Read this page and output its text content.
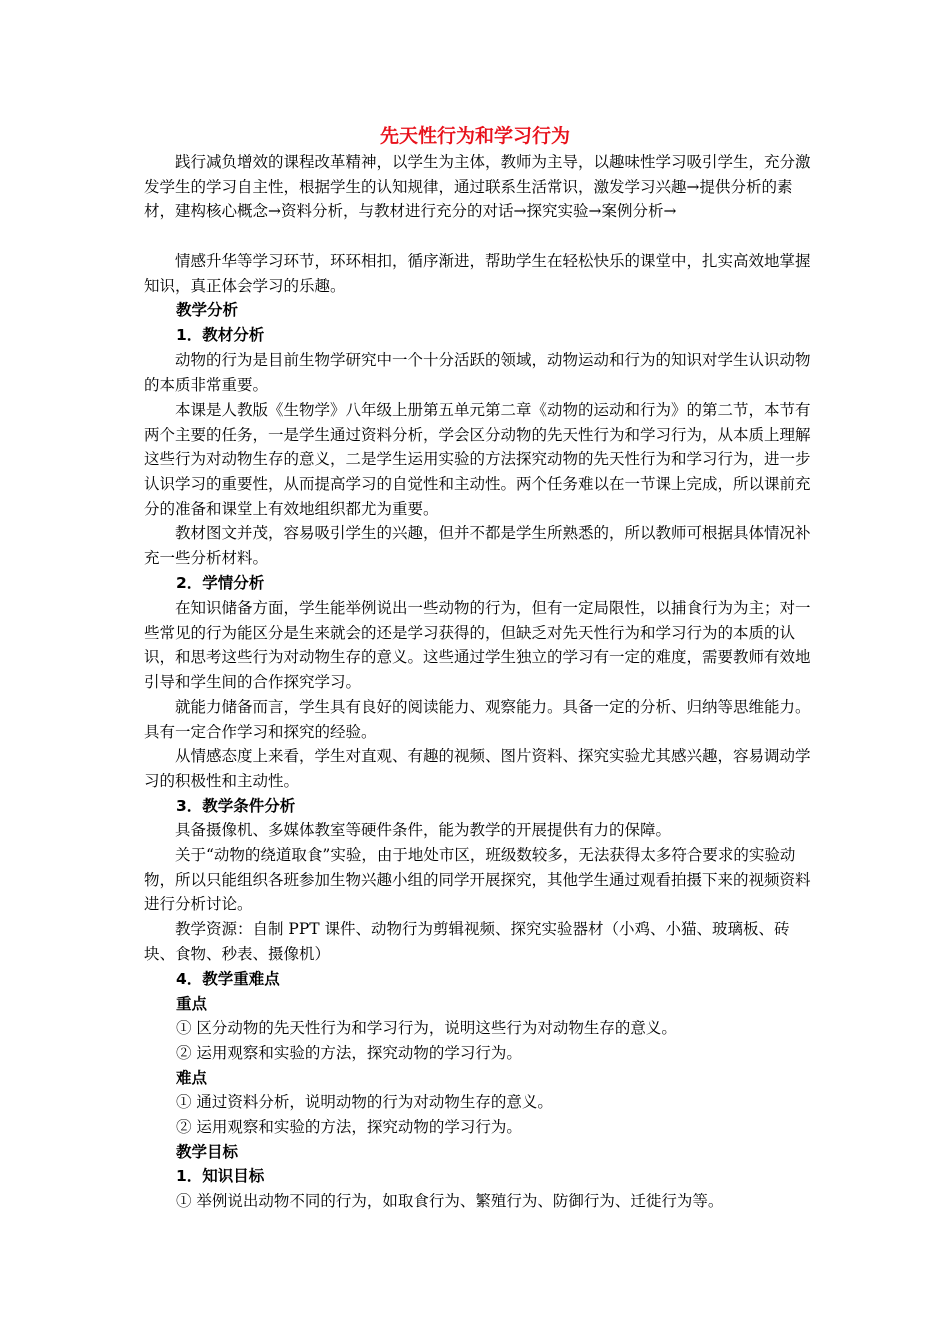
先天性行为和学习行为
践行减负增效的课程改革精神，以学生为主体，教师为主导，以趣味性学习吸引学生，充分激发学生的学习自主性，根据学生的认知规律，通过联系生活常识，激发学习兴趣→提供分析的素材，建构核心概念→资料分析，与教材进行充分的对话→探究实验→案例分析→
情感升华等学习环节，环环相扣，循序渐进，帮助学生在轻松快乐的课堂中，扎实高效地掌握知识，真正体会学习的乐趣。
教学分析
1．教材分析
动物的行为是目前生物学研究中一个十分活跃的领域，动物运动和行为的知识对学生认识动物的本质非常重要。
本课是人教版《生物学》八年级上册第五单元第二章《动物的运动和行为》的第二节，本节有两个主要的任务，一是学生通过资料分析，学会区分动物的先天性行为和学习行为，从本质上理解这些行为对动物生存的意义，二是学生运用实验的方法探究动物的先天性行为和学习行为，进一步认识学习的重要性，从而提高学习的自觉性和主动性。两个任务难以在一节课上完成，所以课前充分的准备和课堂上有效地组织都尤为重要。
教材图文并茂，容易吸引学生的兴趣，但并不都是学生所熟悉的，所以教师可根据具体情况补充一些分析材料。
2．学情分析
在知识储备方面，学生能举例说出一些动物的行为，但有一定局限性，以捕食行为为主；对一些常见的行为能区分是生来就会的还是学习获得的，但缺乏对先天性行为和学习行为的本质的认识，和思考这些行为对动物生存的意义。这些通过学生独立的学习有一定的难度，需要教师有效地引导和学生间的合作探究学习。
就能力储备而言，学生具有良好的阅读能力、观察能力。具备一定的分析、归纳等思维能力。具有一定合作学习和探究的经验。
从情感态度上来看，学生对直观、有趣的视频、图片资料、探究实验尤其感兴趣，容易调动学习的积极性和主动性。
3．教学条件分析
具备摄像机、多媒体教室等硬件条件，能为教学的开展提供有力的保障。
关于“动物的绕道取食”实验，由于地处市区，班级数较多，无法获得太多符合要求的实验动物，所以只能组织各班参加生物兴趣小组的同学开展探究，其他学生通过观看拍摄下来的视频资料进行分析讨论。
教学资源：自制 PPT 课件、动物行为剪辑视频、探究实验器材（小鸡、小猫、玻璃板、砖块、食物、秒表、摄像机）
4．教学重难点
重点
① 区分动物的先天性行为和学习行为，说明这些行为对动物生存的意义。
② 运用观察和实验的方法，探究动物的学习行为。
难点
① 通过资料分析，说明动物的行为对动物生存的意义。
② 运用观察和实验的方法，探究动物的学习行为。
教学目标
1．知识目标
① 举例说出动物不同的行为，如取食行为、繁殖行为、防御行为、迁徙行为等。
